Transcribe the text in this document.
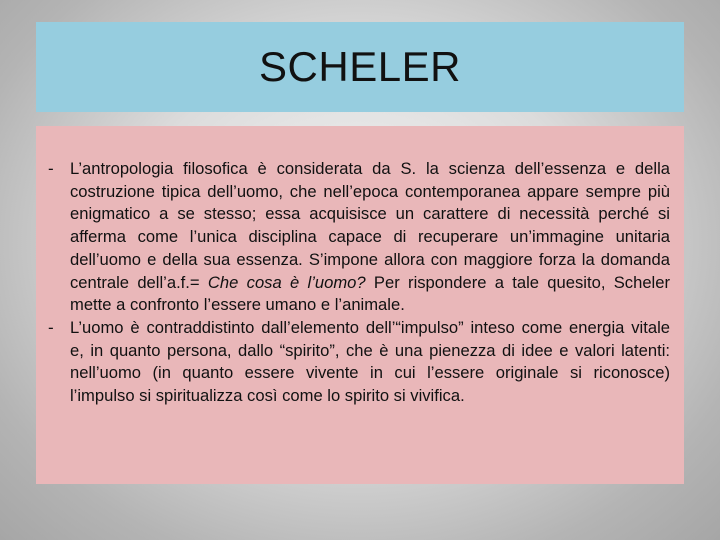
SCHELER
- L’antropologia filosofica è considerata da S. la scienza dell’essenza e della costruzione tipica dell’uomo, che nell’epoca contemporanea appare sempre più enigmatico a se stesso; essa acquisisce un carattere di necessità perché si afferma come l’unica disciplina capace di recuperare un’immagine unitaria dell’uomo e della sua essenza. S’impone allora con maggiore forza la domanda centrale dell’a.f.= Che cosa è l’uomo? Per rispondere a tale quesito, Scheler mette a confronto l’essere umano e l’animale.
- L’uomo è contraddistinto dall’elemento dell’“impulso” inteso come energia vitale e, in quanto persona, dallo “spirito”, che è una pienezza di idee e valori latenti: nell’uomo (in quanto essere vivente in cui l’essere originale si riconosce) l’impulso si spiritualizza così come lo spirito si vivifica.
